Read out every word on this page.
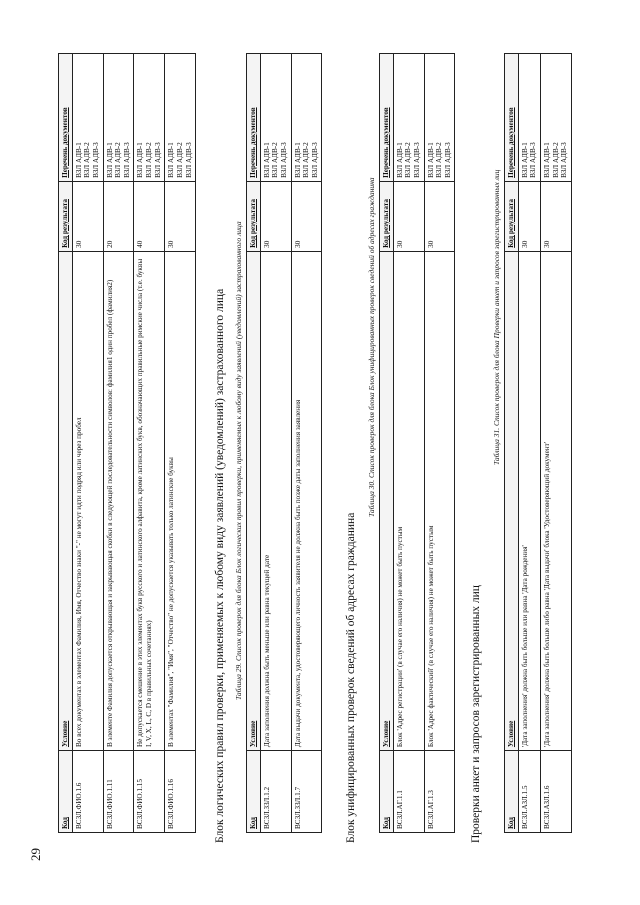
29
Код	Условие	Код результата	Перечень документов
ВСЗЛ.ФИО.1.6	Во всех документах в элементах Фамилия, Имя, Отчество знаки "-" не могут идти подряд или через пробел	30	ВЗЛ АДВ-1 ВЗЛ АДВ-2 ВЗЛ АДВ-3

ВСЗЛ.ФИО.1.11	В элементе Фамилия допускается открывающая и закрывающая скобки в следующей последовательности символов: фамилия1 один пробел (фамилия2)	20	ВЗЛ АДВ-1 ВЗЛ АДВ-2 ВЗЛ АДВ-3

ВСЗЛ.ФИО.1.15	Не допускается смешение в этих элементах букв русского и латинского алфавита, кроме латинских букв, обозначающих правильные римские числа (т.е. буквы I, V, X, L, C, D в правильных сочетаниях)	40	ВЗЛ АДВ-1 ВЗЛ АДВ-2 ВЗЛ АДВ-3

ВСЗЛ.ФИО.1.16	В элементах "Фамилия", "Имя", "Отчество" не допускается указывать только латинские буквы	30	ВЗЛ АДВ-1 ВЗЛ АДВ-2 ВЗЛ АДВ-3
Блок логических правил проверки, применяемых к любому виду заявлений (уведомлений) застрахованного лица Таблица 29. Список проверок для блока Блок логических правил проверки, применяемых к любому виду заявлений (уведомлений) застрахованного лица
Код	Условие	Код результата	Перечень документов
ВСЗЛ.ЗЗЛ.1.2	Дата заполнения должна быть меньше или равна текущей дате	30	ВЗЛ АДВ-1 ВЗЛ АДВ-2 ВЗЛ АДВ-3

ВСЗЛ.ЗЗЛ.1.7	Дата выдачи документа, удостоверяющего личность заявителя не должна быть позже даты заполнения заявления	30	ВЗЛ АДВ-1 ВЗЛ АДВ-2 ВЗЛ АДВ-3
Блок унифицированных проверок сведений об адресах гражданина
Таблица 30. Список проверок для блока Блок унифицированных проверок сведений об адресах гражданина
Код	Условие	Код результата	Перечень документов
ВСЗЛ.АГ.1.1	Блок 'Адрес регистрации' (в случае его наличия) не может быть пустым	30	ВЗЛ АДВ-1 ВЗЛ АДВ-2 ВЗЛ АДВ-3

ВСЗЛ.АГ.1.3	Блок 'Адрес фактический' (в случае его наличия) не может быть пустым	30	ВЗЛ АДВ-1 ВЗЛ АДВ-2 ВЗЛ АДВ-3
Проверки анкет и запросов зарегистрированных лиц
Таблица 31. Список проверок для блока Проверки анкет и запросов зарегистрированных лиц
Код	Условие	Код результата	Перечень документов
ВСЗЛ.АЗЛ.1.5	'Дата заполнения' должна быть больше или равна 'Дата рождения'	30	ВЗЛ АДВ-1 ВЗЛ АДВ-3

ВСЗЛ.АЗЛ.1.6	'Дата заполнения' должна быть больше либо равна 'Дата выдачи' блока 'Удостоверяющий документ'	30	ВЗЛ АДВ-1 ВЗЛ АДВ-2 ВЗЛ АДВ-3
